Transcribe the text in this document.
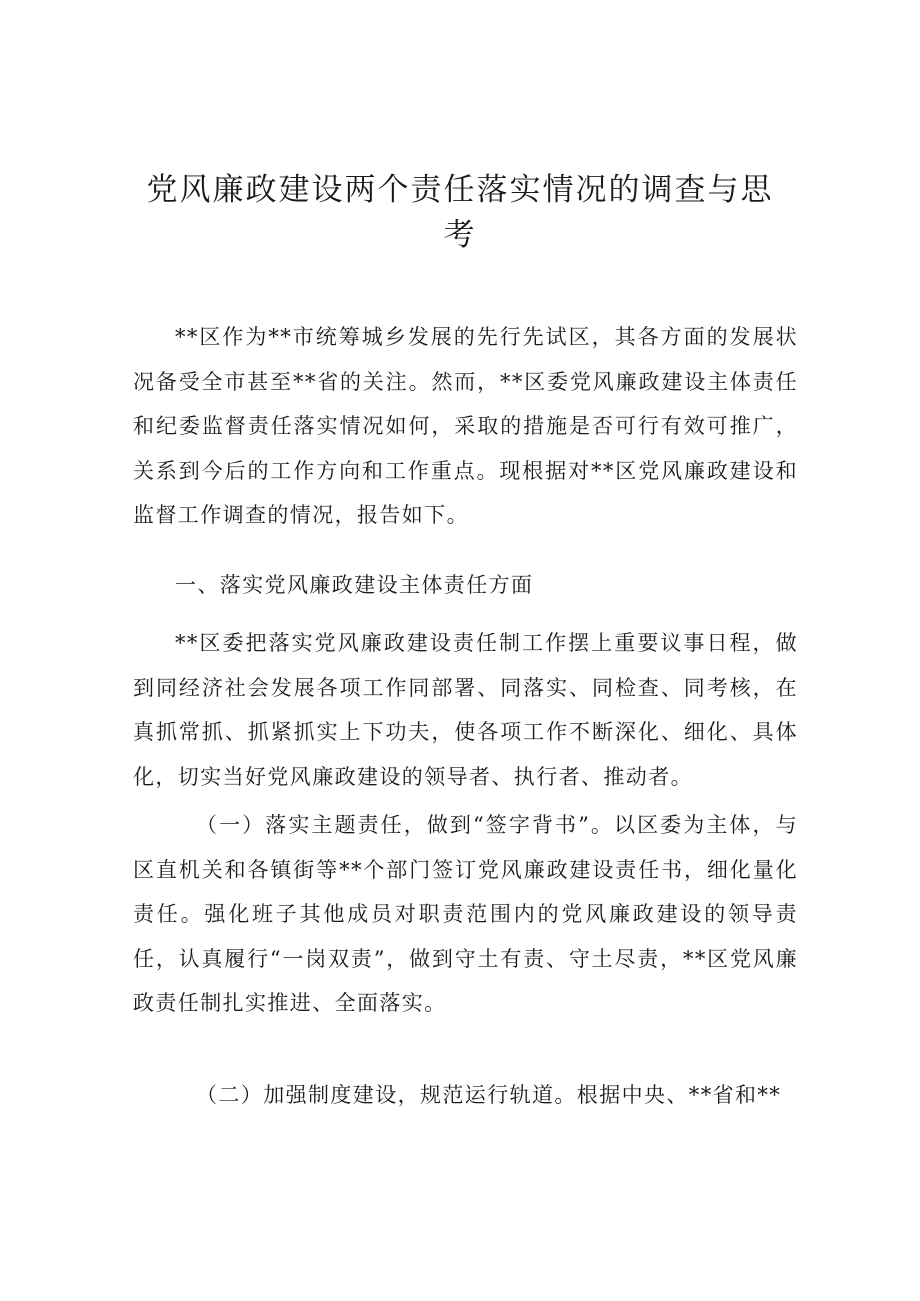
党风廉政建设两个责任落实情况的调查与思
考

**区作为**市统筹城乡发展的先行先试区，其各方面的发展状况备受全市甚至**省的关注。然而，**区委党风廉政建设主体责任和纪委监督责任落实情况如何，采取的措施是否可行有效可推广，关系到今后的工作方向和工作重点。现根据对**区党风廉政建设和监督工作调查的情况，报告如下。

一、落实党风廉政建设主体责任方面

**区委把落实党风廉政建设责任制工作摆上重要议事日程，做到同经济社会发展各项工作同部署、同落实、同检查、同考核，在真抓常抓、抓紧抓实上下功夫，使各项工作不断深化、细化、具体化，切实当好党风廉政建设的领导者、执行者、推动者。

（一）落实主题责任，做到“签字背书”。以区委为主体，与区直机关和各镇街等**个部门签订党风廉政建设责任书，细化量化责任。强化班子其他成员对职责范围内的党风廉政建设的领导责任，认真履行“一岗双责”，做到守土有责、守土尽责，**区党风廉政责任制扎实推进、全面落实。

（二）加强制度建设，规范运行轨道。根据中央、**省和**
